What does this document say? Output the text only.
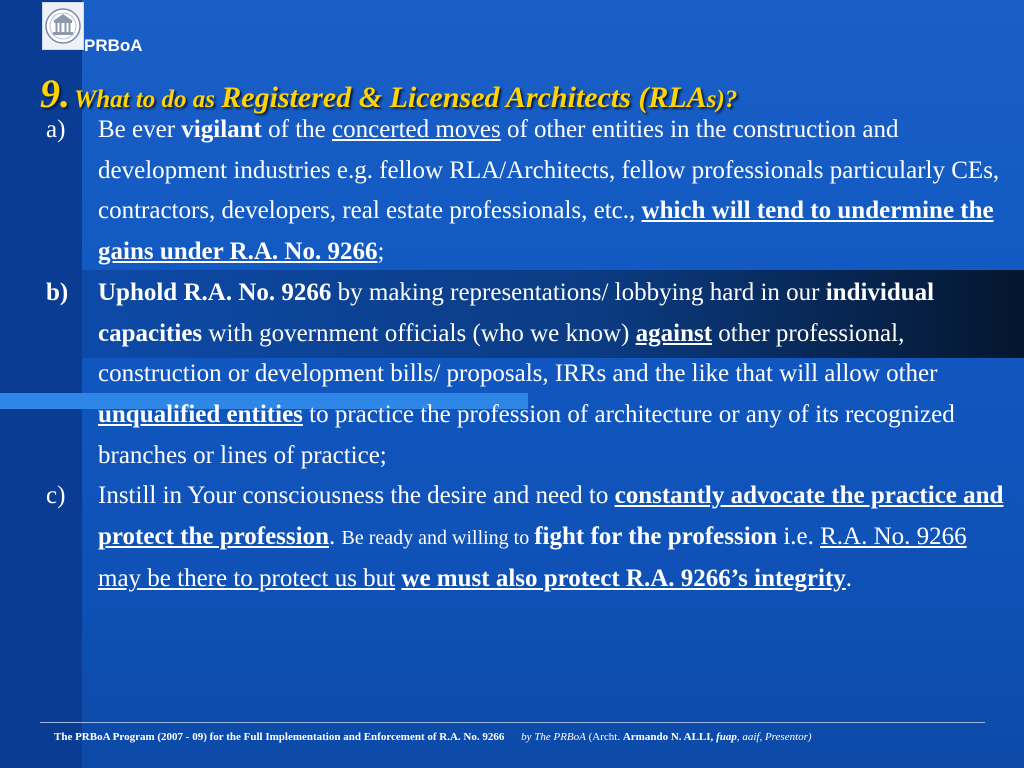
PRBoA
9. What to do as Registered & Licensed Architects (RLAs)?
a)	Be ever vigilant of the concerted moves of other entities in the construction and development industries e.g. fellow RLA/Architects, fellow professionals particularly CEs, contractors, developers, real estate professionals, etc., which will tend to undermine the gains under R.A. No. 9266;
b)	Uphold R.A. No. 9266 by making representations/ lobbying hard in our individual capacities with government officials (who we know) against other professional, construction or development bills/ proposals, IRRs and the like that will allow other unqualified entities to practice the profession of architecture or any of its recognized branches or lines of practice;
c)	Instill in Your consciousness the desire and need to constantly advocate the practice and protect the profession. Be ready and willing to fight for the profession i.e. R.A. No. 9266 may be there to protect us but we must also protect R.A. 9266’s integrity.
The PRBoA Program (2007 - 09) for the Full Implementation and Enforcement of R.A. No. 9266 by The PRBoA (Archt. Armando N. ALLI, fuap, aaif, Presentor)
